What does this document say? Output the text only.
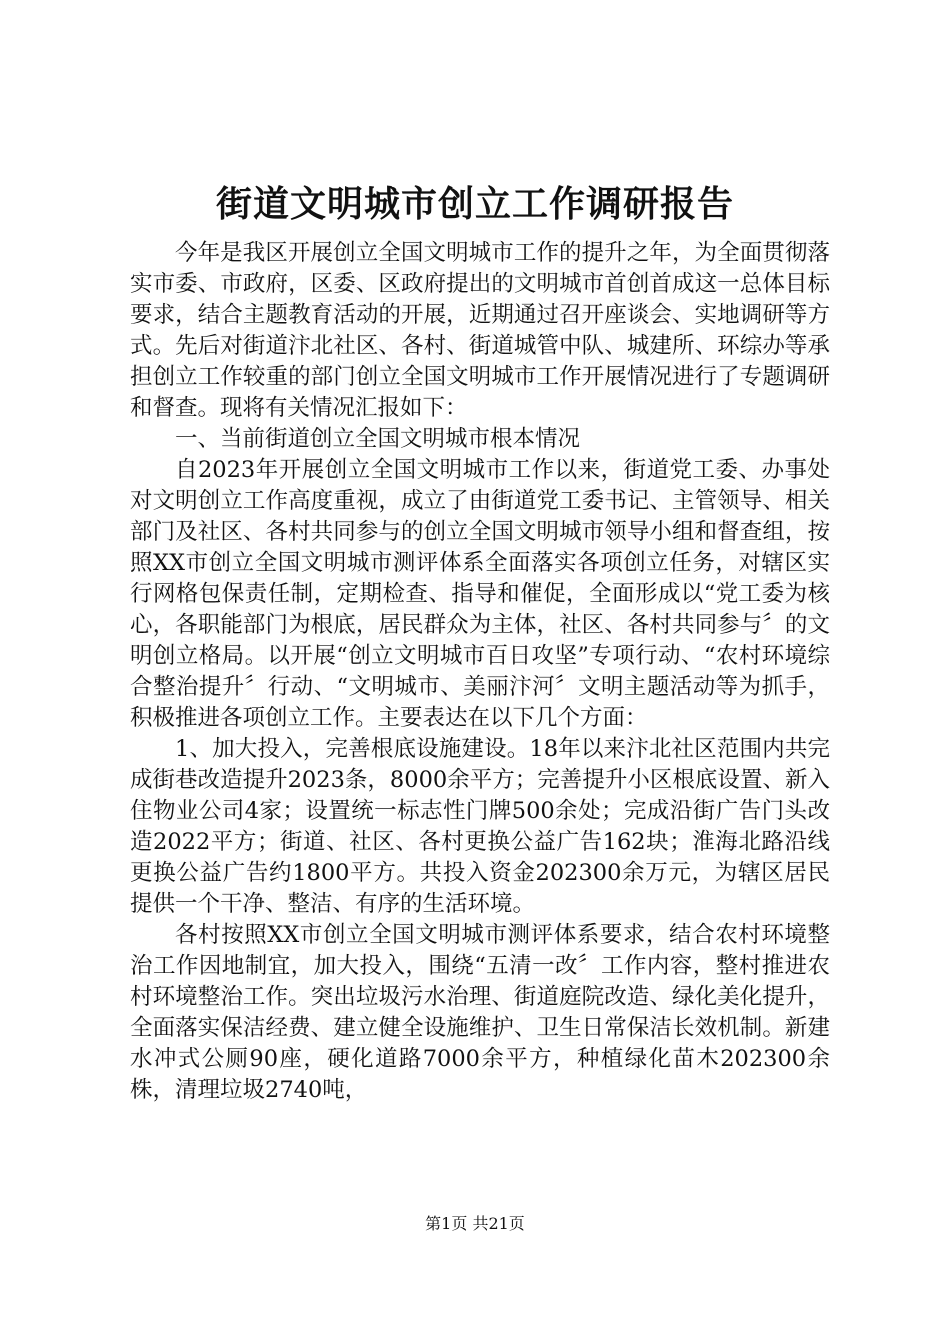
街道文明城市创立工作调研报告

今年是我区开展创立全国文明城市工作的提升之年，为全面贯彻落实市委、市政府，区委、区政府提出的文明城市首创首成这一总体目标要求，结合主题教育活动的开展，近期通过召开座谈会、实地调研等方式。先后对街道汴北社区、各村、街道城管中队、城建所、环综办等承担创立工作较重的部门创立全国文明城市工作开展情况进行了专题调研和督查。现将有关情况汇报如下：

一、当前街道创立全国文明城市根本情况

自2023年开展创立全国文明城市工作以来，街道党工委、办事处对文明创立工作高度重视，成立了由街道党工委书记、主管领导、相关部门及社区、各村共同参与的创立全国文明城市领导小组和督查组，按照XX市创立全国文明城市测评体系全面落实各项创立任务，对辖区实行网格包保责任制，定期检查、指导和催促，全面形成以“党工委为核心，各职能部门为根底，居民群众为主体，社区、各村共同参与〞的文明创立格局。以开展“创立文明城市百日攻坚”专项行动、“农村环境综合整治提升〞行动、“文明城市、美丽汴河〞文明主题活动等为抓手，积极推进各项创立工作。主要表达在以下几个方面：

1、加大投入，完善根底设施建设。18年以来汴北社区范围内共完成街巷改造提升2023条，8000余平方；完善提升小区根底设置、新入住物业公司4家；设置统一标志性门牌500余处；完成沿街广告门头改造2022平方；街道、社区、各村更换公益广告162块；淮海北路沿线更换公益广告约1800平方。共投入资金202300余万元，为辖区居民提供一个干净、整洁、有序的生活环境。

各村按照XX市创立全国文明城市测评体系要求，结合农村环境整治工作因地制宜，加大投入，围绕“五清一改〞工作内容，整村推进农村环境整治工作。突出垃圾污水治理、街道庭院改造、绿化美化提升，全面落实保洁经费、建立健全设施维护、卫生日常保洁长效机制。新建水冲式公厕90座，硬化道路7000余平方，种植绿化苗木202300余株，清理垃圾2740吨，

第1页 共21页
